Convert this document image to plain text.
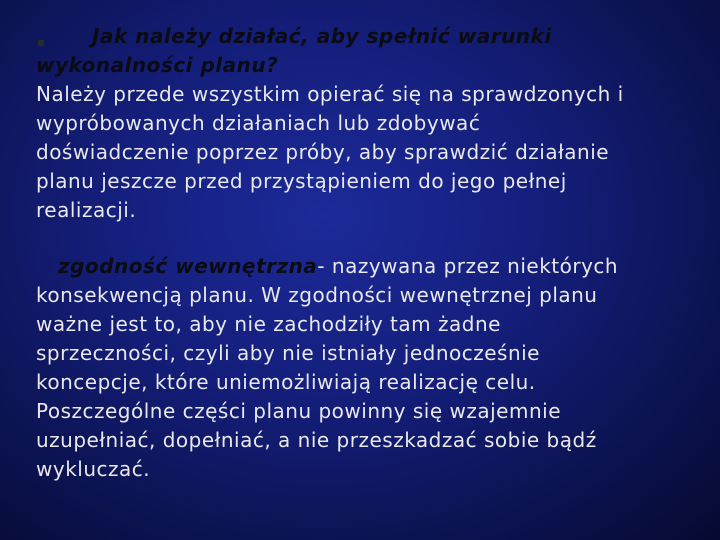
Jak należy działać, aby spełnić warunki
wykonalności planu?
Należy przede wszystkim opierać się na sprawdzonych i
wypróbowanych działaniach lub zdobywać
doświadczenie poprzez próby, aby sprawdzić działanie
planu jeszcze przed przystąpieniem do jego pełnej
realizacji.
zgodność wewnętrzna- nazywana przez niektórych
konsekwencją planu. W zgodności wewnętrznej planu
ważne jest to, aby nie zachodziły tam żadne
sprzeczności, czyli aby nie istniały jednocześnie
koncepcje, które uniemożliwiają realizację celu.
Poszczególne części planu powinny się wzajemnie
uzupełniać, dopełniać, a nie przeszkadzać sobie bądź
wykluczać.
